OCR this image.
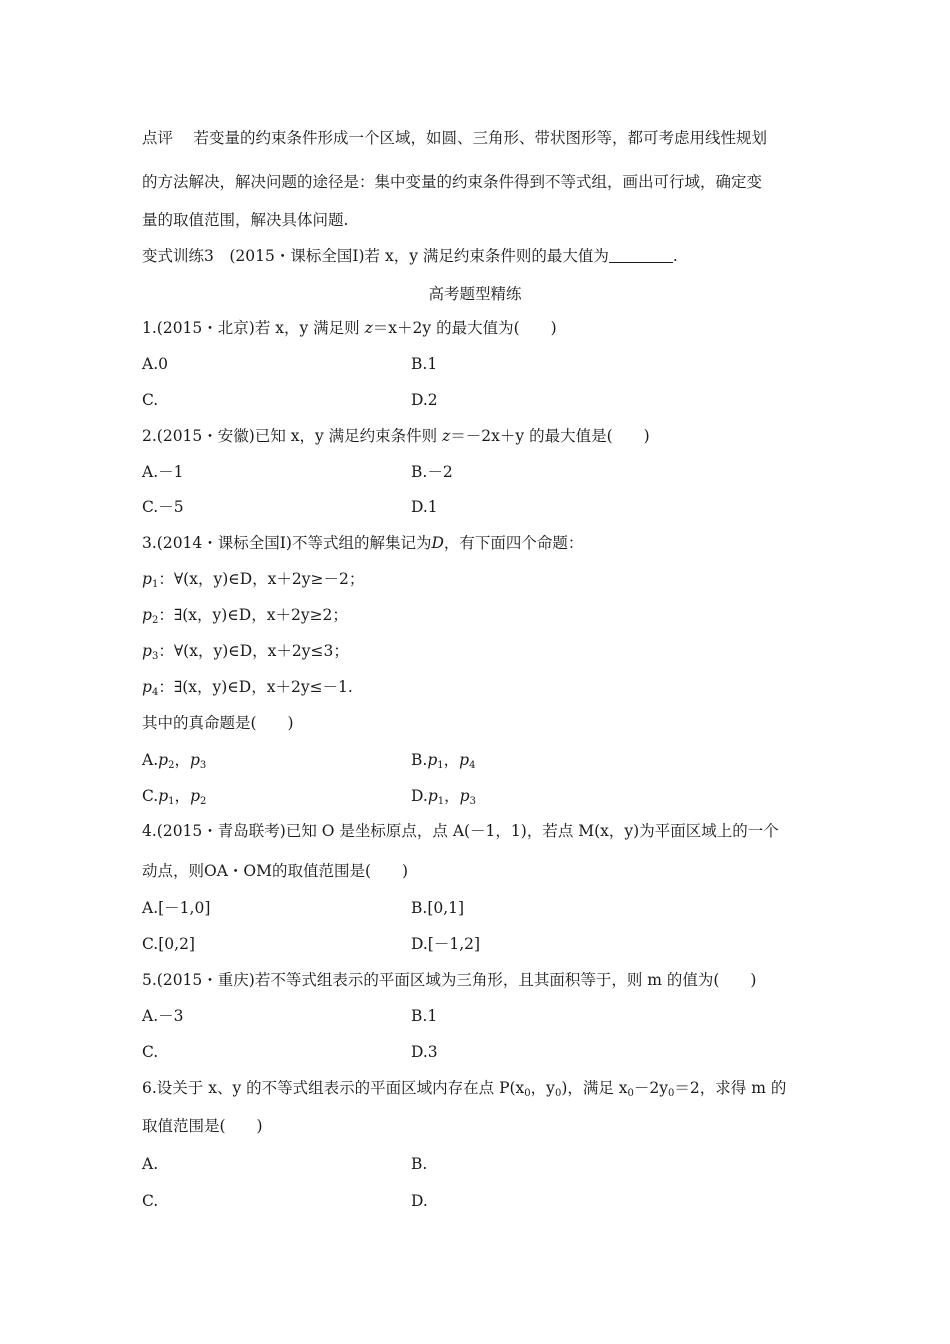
点评　 若变量的约束条件形成一个区域，如圆、三角形、带状图形等，都可考虑用线性规划
的方法解决，解决问题的途径是：集中变量的约束条件得到不等式组，画出可行域，确定变
量的取值范围，解决具体问题.
变式训练3　(2015・课标全国Ⅰ)若 x，y 满足约束条件则的最大值为	.
高考题型精练
1.(2015・北京)若 x，y 满足则 z＝x＋2y 的最大值为(　　)
A.0	B.1
C.	D.2
2.(2015・安徽)已知 x，y 满足约束条件则 z＝－2x＋y 的最大值是(　　)
A.－1	B.－2
C.－5	D.1
3.(2014・课标全国Ⅰ)不等式组的解集记为D，有下面四个命题：
$p_1$：∀(x，y)∈D，x＋2y≥－2；
$p_2$：∃(x，y)∈D，x＋2y≥2；
$p_3$：∀(x，y)∈D，x＋2y≤3；
$p_4$：∃(x，y)∈D，x＋2y≤－1.
其中的真命题是(　　)
$A.p_2$，$p_3$	$B.p_1$，$p_4$
$C.p_1$，$p_2$	$D.p_1$，$p_3$
4.(2015・青岛联考)已知 O 是坐标原点，点 A(－1，1)，若点 M(x，y)为平面区域上的一个
动点，则OA・OM的取值范围是(　　)
A.[－1,0]	B.[0,1]
C.[0,2]	D.[－1,2]
5.(2015・重庆)若不等式组表示的平面区域为三角形，且其面积等于，则 m 的值为(　　)
A.－3	B.1
C.	D.3
6.设关于 x、y 的不等式组表示的平面区域内存在点 $P(x_0$，$y_0$)，满足 $x_0-2y_0=2$，求得 m 的
取值范围是(　　)
A.	B.
C.	D.
